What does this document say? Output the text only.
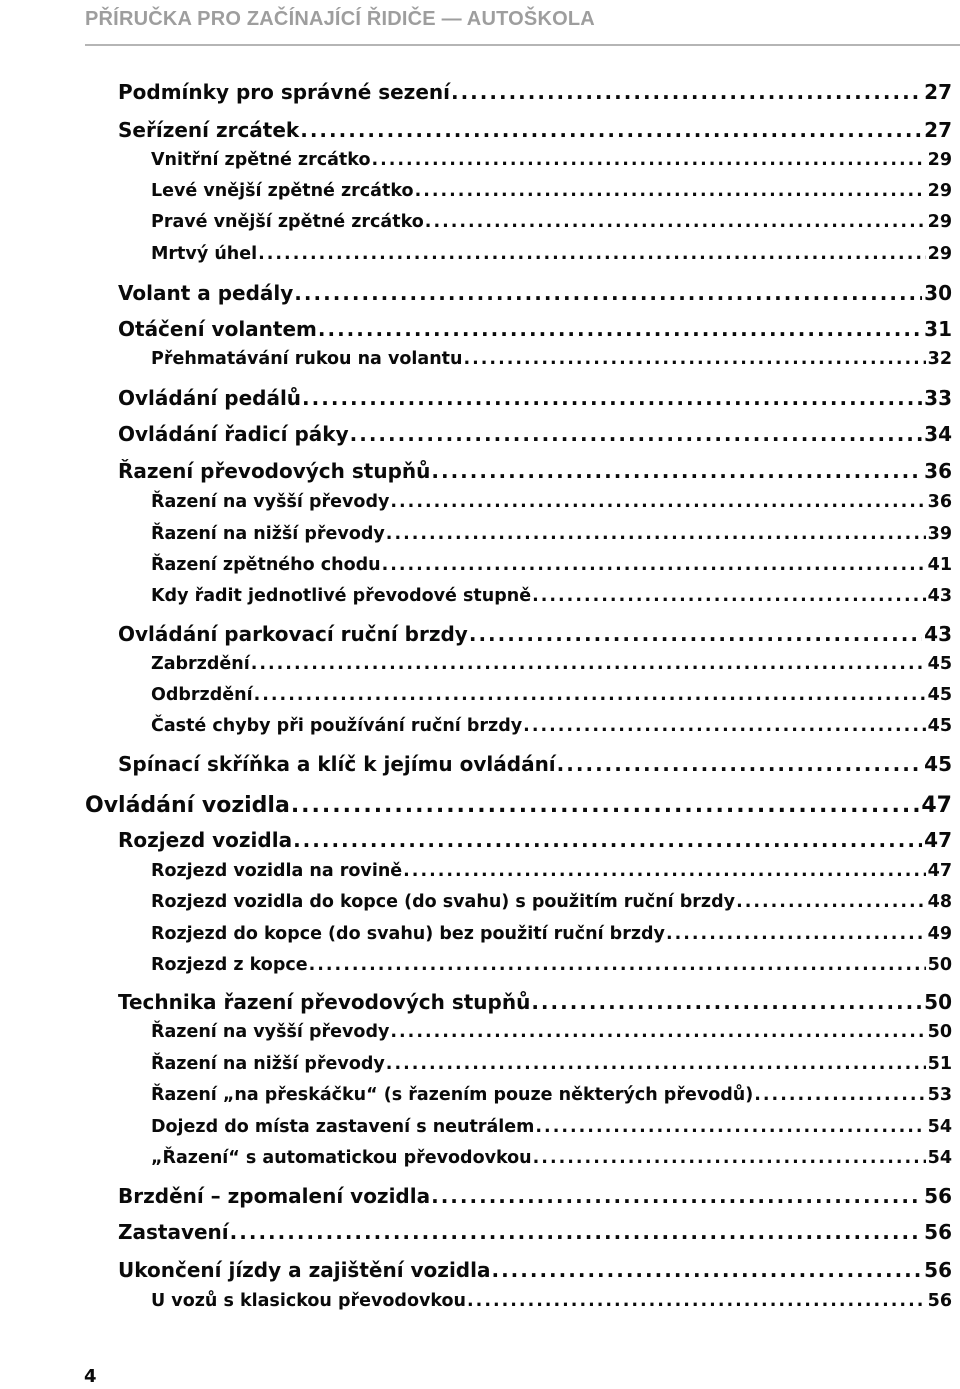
PŘÍRUČKA PRO ZAČÍNAJÍCÍ ŘIDIČE — AUTOŠKOLA
Podmínky pro správné sezení .....	27
Seřízení zrcátek .....	27
Vnitřní zpětné zrcátko .....	29
Levé vnější zpětné zrcátko .....	29
Pravé vnější zpětné zrcátko .....	29
Mrtvý úhel .....	29
Volant a pedály .....	30
Otáčení volantem .....	31
Přehmatávání rukou na volantu .....	32
Ovládání pedálů .....	33
Ovládání řadicí páky .....	34
Řazení převodových stupňů .....	36
Řazení na vyšší převody .....	36
Řazení na nižší převody .....	39
Řazení zpětného chodu .....	41
Kdy řadit jednotlivé převodové stupně .....	43
Ovládání parkovací ruční brzdy .....	43
Zabrzdění .....	45
Odbrzdění .....	45
Časté chyby při používání ruční brzdy .....	45
Spínací skříňka a klíč k jejímu ovládání .....	45
Ovládání vozidla .....	47
Rozjezd vozidla .....	47
Rozjezd vozidla na rovině .....	47
Rozjezd vozidla do kopce (do svahu) s použitím ruční brzdy .....	48
Rozjezd do kopce (do svahu) bez použití ruční brzdy .....	49
Rozjezd z kopce .....	50
Technika řazení převodových stupňů .....	50
Řazení na vyšší převody .....	50
Řazení na nižší převody .....	51
Řazení „na přeskáčku“ (s řazením pouze některých převodů) .....	53
Dojezd do místa zastavení s neutrálem .....	54
„Řazení“ s automatickou převodovkou .....	54
Brzdění – zpomalení vozidla .....	56
Zastavení .....	56
Ukončení jízdy a zajištění vozidla .....	56
U vozů s klasickou převodovkou .....	56
4
